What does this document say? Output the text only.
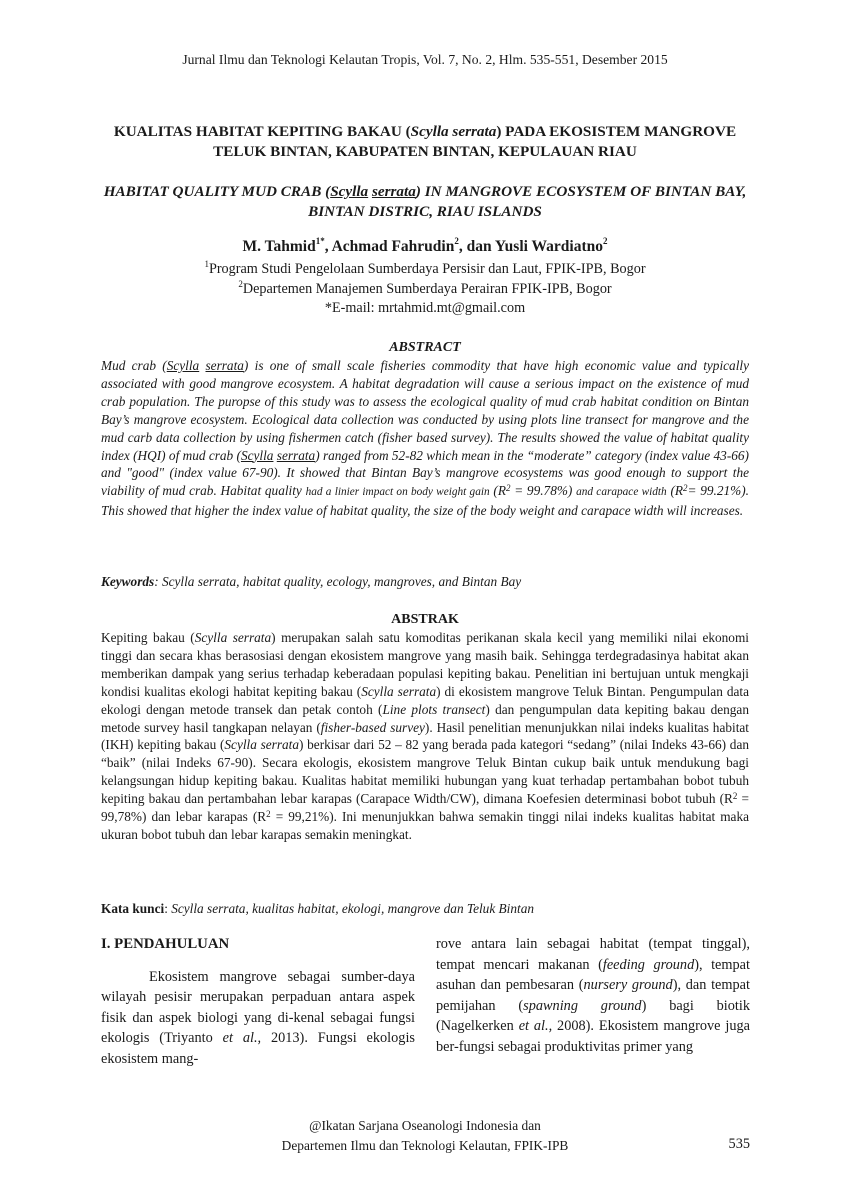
Jurnal Ilmu dan Teknologi Kelautan Tropis, Vol. 7, No. 2, Hlm. 535-551, Desember 2015
KUALITAS HABITAT KEPITING BAKAU (Scylla serrata) PADA EKOSISTEM MANGROVE TELUK BINTAN, KABUPATEN BINTAN, KEPULAUAN RIAU
HABITAT QUALITY MUD CRAB (Scylla serrata) IN MANGROVE ECOSYSTEM OF BINTAN BAY, BINTAN DISTRIC, RIAU ISLANDS
M. Tahmid$^{1*}$, Achmad Fahrudin$^2$, dan Yusli Wardiatno$^2$
$^1$Program Studi Pengelolaan Sumberdaya Persisir dan Laut, FPIK-IPB, Bogor
$^2$Departemen Manajemen Sumberdaya Perairan FPIK-IPB, Bogor
*E-mail: mrtahmid.mt@gmail.com
ABSTRACT
Mud crab (Scylla serrata) is one of small scale fisheries commodity that have high economic value and typically associated with good mangrove ecosystem. A habitat degradation will cause a serious impact on the existence of mud crab population. The puropse of this study was to assess the ecological quality of mud crab habitat condition on Bintan Bay’s mangrove ecosystem. Ecological data collection was conducted by using plots line transect for mangrove and the mud carb data collection by using fishermen catch (fisher based survey). The results showed the value of habitat quality index (HQI) of mud crab (Scylla serrata) ranged from 52-82 which mean in the “moderate” category (index value 43-66) and "good" (index value 67-90). It showed that Bintan Bay’s mangrove ecosystems was good enough to support the viability of mud crab. Habitat quality had a linier impact on body weight gain $(R^2 = 99.78\%)$ and carapace width $(R^2= 99.21\%)$. This showed that higher the index value of habitat quality, the size of the body weight and carapace width will increases.
Keywords: Scylla serrata, habitat quality, ecology, mangroves, and Bintan Bay
ABSTRAK
Kepiting bakau (Scylla serrata) merupakan salah satu komoditas perikanan skala kecil yang memiliki nilai ekonomi tinggi dan secara khas berasosiasi dengan ekosistem mangrove yang masih baik. Sehingga terdegradasinya habitat akan memberikan dampak yang serius terhadap keberadaan populasi kepiting bakau. Penelitian ini bertujuan untuk mengkaji kondisi kualitas ekologi habitat kepiting bakau (Scylla serrata) di ekosistem mangrove Teluk Bintan. Pengumpulan data ekologi dengan metode transek dan petak contoh (Line plots transect) dan pengumpulan data kepiting bakau dengan metode survey hasil tangkapan nelayan (fisher-based survey). Hasil penelitian menunjukkan nilai indeks kualitas habitat (IKH) kepiting bakau (Scylla serrata) berkisar dari 52 – 82 yang berada pada kategori “sedang” (nilai Indeks 43-66) dan “baik” (nilai Indeks 67-90). Secara ekologis, ekosistem mangrove Teluk Bintan cukup baik untuk mendukung bagi kelangsungan hidup kepiting bakau. Kualitas habitat memiliki hubungan yang kuat terhadap pertambahan bobot tubuh kepiting bakau dan pertambahan lebar karapas (Carapace Width/CW), dimana Koefesien determinasi bobot tubuh $(R^2 = 99,78\%)$ dan lebar karapas $(R^2 = 99,21\%)$. Ini menunjukkan bahwa semakin tinggi nilai indeks kualitas habitat maka ukuran bobot tubuh dan lebar karapas semakin meningkat.
Kata kunci: Scylla serrata, kualitas habitat, ekologi, mangrove dan Teluk Bintan
I. PENDAHULUAN

Ekosistem mangrove sebagai sumber-daya wilayah pesisir merupakan perpaduan antara aspek fisik dan aspek biologi yang di-kenal sebagai fungsi ekologis (Triyanto et al., 2013). Fungsi ekologis ekosistem mang-

rove antara lain sebagai habitat (tempat tinggal), tempat mencari makanan (feeding ground), tempat asuhan dan pembesaran (nursery ground), dan tempat pemijahan (spawning ground) bagi biotik (Nagelkerken et al., 2008). Ekosistem mangrove juga ber-fungsi sebagai produktivitas primer yang

@Ikatan Sarjana Oseanologi Indonesia dan
Departemen Ilmu dan Teknologi Kelautan, FPIK-IPB	535
